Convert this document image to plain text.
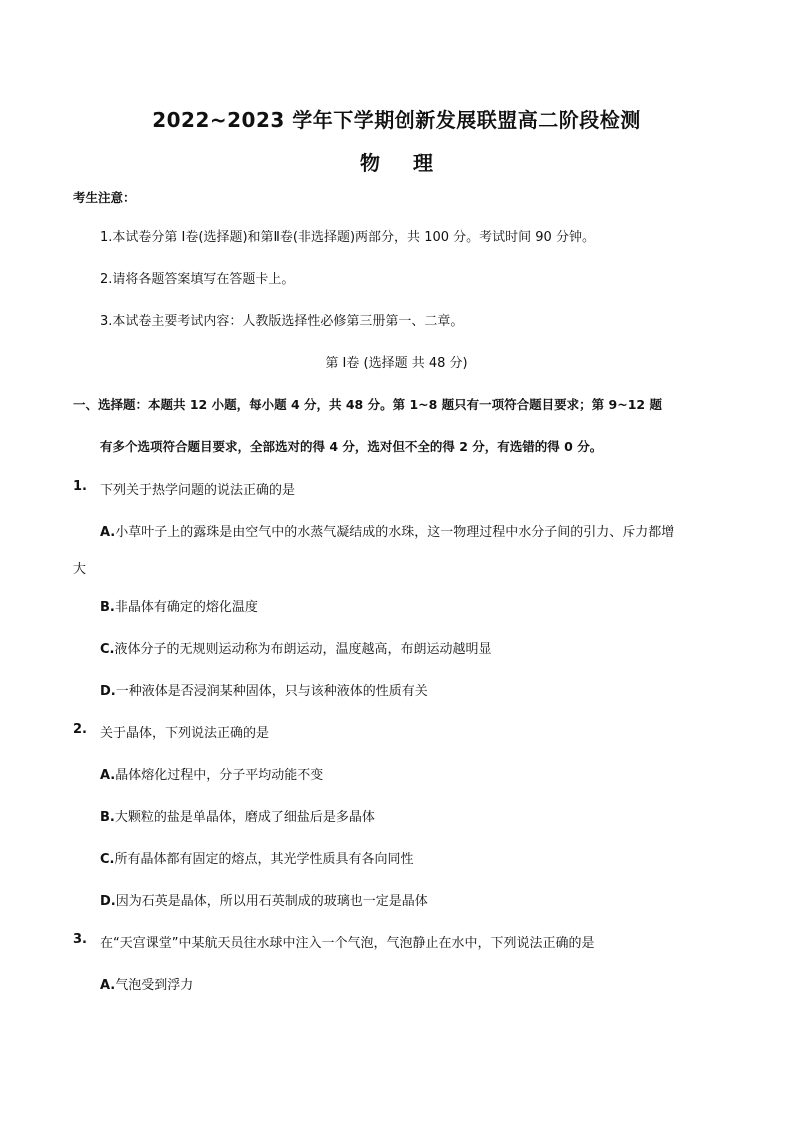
2022~2023 学年下学期创新发展联盟高二阶段检测
物 理
考生注意：
1.本试卷分第 Ⅰ卷(选择题)和第Ⅱ卷(非选择题)两部分，共 100 分。考试时间 90 分钟。
2.请将各题答案填写在答题卡上。
3.本试卷主要考试内容：人教版选择性必修第三册第一、二章。
第 Ⅰ卷 (选择题 共 48 分)
一、选择题：本题共 12 小题，每小题 4 分，共 48 分。第 1~8 题只有一项符合题目要求；第 9~12 题
有多个选项符合题目要求，全部选对的得 4 分，选对但不全的得 2 分，有选错的得 0 分。
1. 下列关于热学问题的说法正确的是
A.小草叶子上的露珠是由空气中的水蒸气凝结成的水珠，这一物理过程中水分子间的引力、斥力都增
大
B.非晶体有确定的熔化温度
C.液体分子的无规则运动称为布朗运动，温度越高，布朗运动越明显
D.一种液体是否浸润某种固体，只与该种液体的性质有关
2. 关于晶体，下列说法正确的是
A.晶体熔化过程中，分子平均动能不变
B.大颗粒的盐是单晶体，磨成了细盐后是多晶体
C.所有晶体都有固定的熔点，其光学性质具有各向同性
D.因为石英是晶体，所以用石英制成的玻璃也一定是晶体
3. 在“天宫课堂”中某航天员往水球中注入一个气泡，气泡静止在水中，下列说法正确的是
A.气泡受到浮力
